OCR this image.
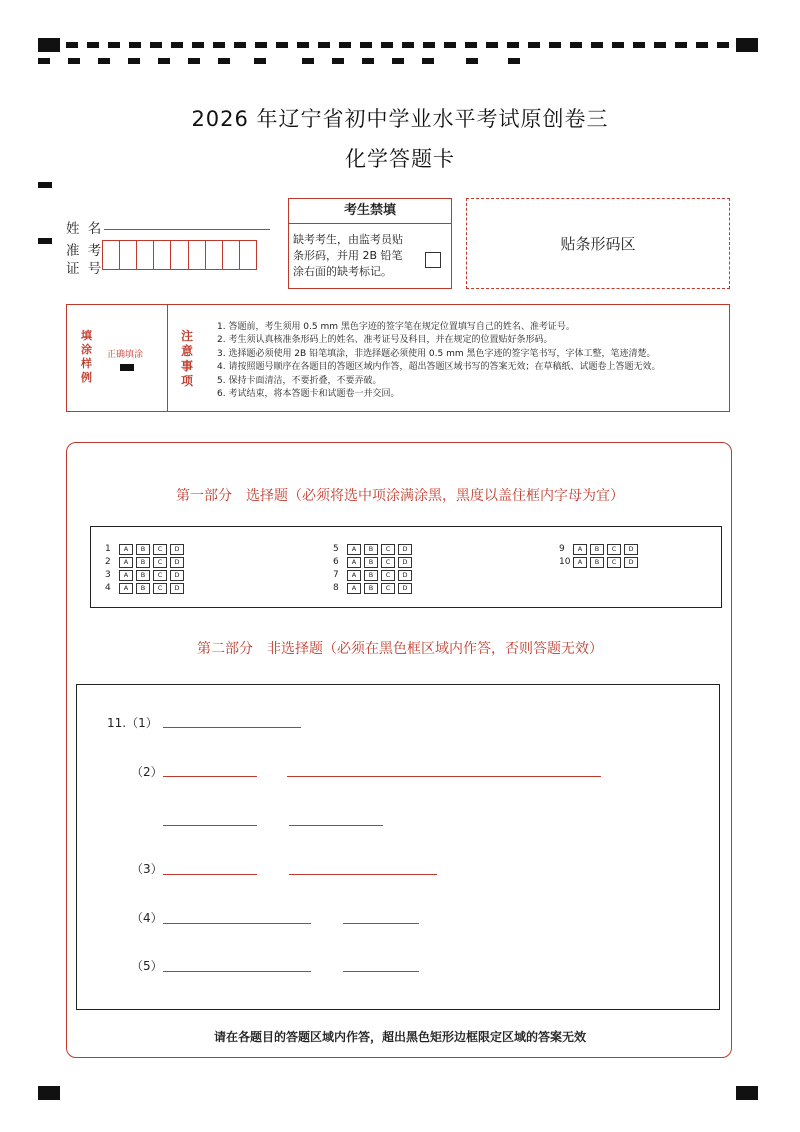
2026 年辽宁省初中学业水平考试原创卷三
化学答题卡
姓 名
准 考
证 号
考生禁填
缺考考生，由监考员贴
条形码，并用 2B 铅笔
涂右面的缺考标记。
贴条形码区
填
涂
样
例
正确填涂
注
意
事
项
1. 答题前，考生须用 0.5 mm 黑色字迹的签字笔在规定位置填写自己的姓名、准考证号。
2. 考生须认真核准条形码上的姓名、准考证号及科目，并在规定的位置贴好条形码。
3. 选择题必须使用 2B 铅笔填涂，非选择题必须使用 0.5 mm 黑色字迹的签字笔书写，字体工整，笔迹清楚。
4. 请按照题号顺序在各题目的答题区域内作答，超出答题区域书写的答案无效；在草稿纸、试题卷上答题无效。
5. 保持卡面清洁，不要折叠，不要弄破。
6. 考试结束，将本答题卡和试题卷一并交回。
第一部分　选择题（必须将选中项涂满涂黑，黑度以盖住框内字母为宜）
1	A	B	C	D
2	A	B	C	D
3	A	B	C	D
4	A	B	C	D
5	A	B	C	D
6	A	B	C	D
7	A	B	C	D
8	A	B	C	D
9	A	B	C	D
10	A	B	C	D
第二部分　非选择题（必须在黑色框区域内作答，否则答题无效）
11.（1）
（2）
（3）
（4）
（5）
请在各题目的答题区域内作答，超出黑色矩形边框限定区域的答案无效
